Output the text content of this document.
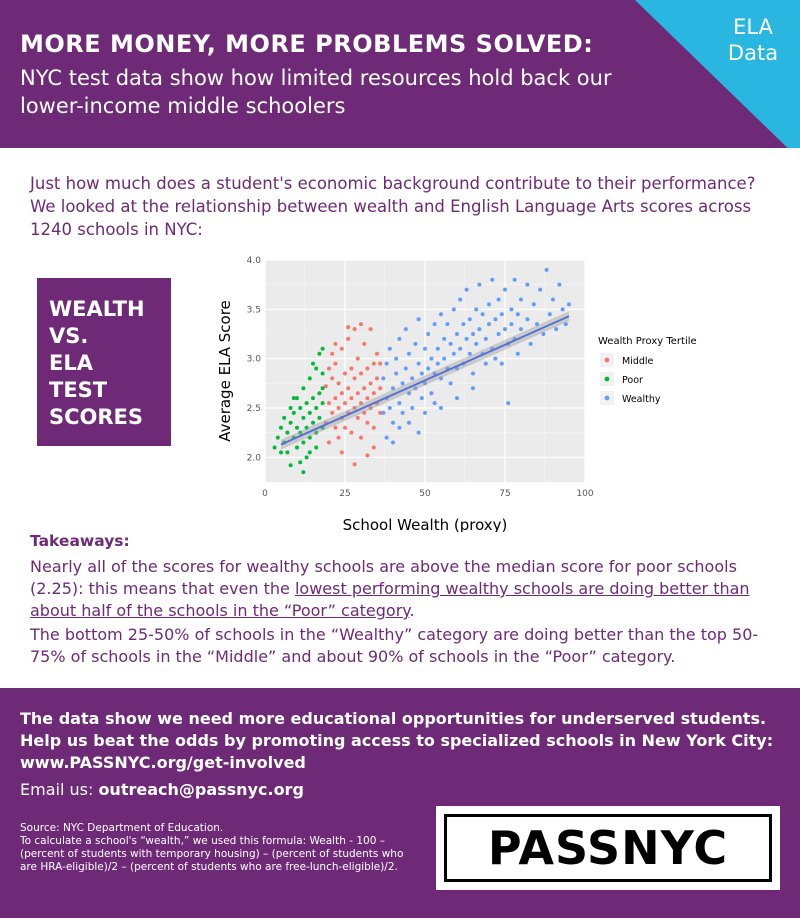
MORE MONEY, MORE PROBLEMS SOLVED:

NYC test data show how limited resources hold back our lower-income middle schoolers

ELA
Data
Just how much does a student's economic background contribute to their performance? We looked at the relationship between wealth and English Language Arts scores across 1240 schools in NYC:
WEALTH
VS.
ELA
TEST
SCORES
0	25	50	75	100
2.0
2.5
3.0
3.5
4.0
School Wealth (proxy)
Average ELA Score	Wealth Proxy Tertile
Middle
Poor
Wealthy
Takeaways:
Nearly all of the scores for wealthy schools are above the median score for poor schools (2.25): this means that even the lowest performing wealthy schools are doing better than about half of the schools in the “Poor” category.
The bottom 25-50% of schools in the “Wealthy” category are doing better than the top 50-75% of schools in the “Middle” and about 90% of schools in the “Poor” category.
The data show we need more educational opportunities for underserved students.
Help us beat the odds by promoting access to specialized schools in New York City:
www.PASSNYC.org/get-involved
Email us: outreach@passnyc.org
Source: NYC Department of Education.
To calculate a school's “wealth,” we used this formula: Wealth - 100 – (percent of students with temporary housing) – (percent of students who are HRA-eligible)/2 – (percent of students who are free-lunch-eligible)/2.	PASSNYC
